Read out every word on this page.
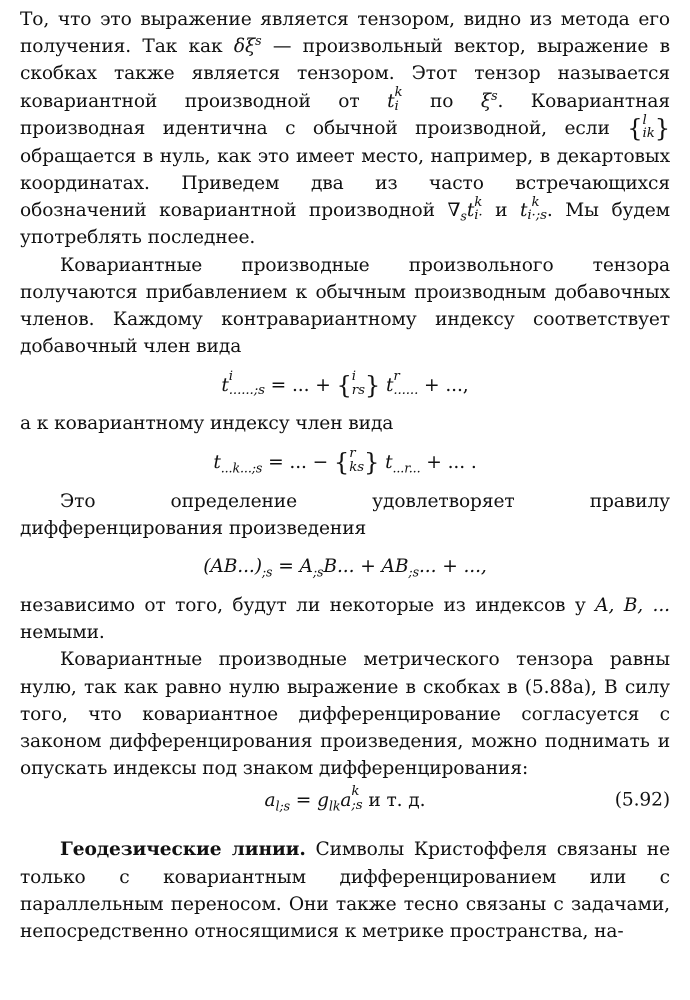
То, что это выражение является тензором, видно из метода его получения. Так как $\delta\xi^s$ — произвольный вектор, выражение в скобках также является тензором. Этот тензор называется ковариантной производной от t k
i по $\xi^s$. Ковариантная производная идентична с обычной производной, если { l
ik } обращается в нуль, как это имеет место, например, в декартовых координатах. Приведем два из часто встречающихся обозначений ковариантной производной $\nabla_st$ k
i· и t k
i·;s . Мы будем употреблять последнее.

Ковариантные производные произвольного тензора получаются прибавлением к обычным производным добавочных членов. Каждому контравариантному индексу соответствует добавочный член вида

t i
......;s = ... + { i
rs } t r
...... + ...,

а к ковариантному индексу член вида

$t_{...k...;s}$ = ... − { r
ks } $t_{...r...}$ + ... .

Это определение удовлетворяет правилу дифференцирования произведения

$(AB...)_{;s} = A_{;s}B$... + $AB_{;s}$... + ...,

независимо от того, будут ли некоторые из индексов у A, B, ... немыми.

Ковариантные производные метрического тензора равны нулю, так как равно нулю выражение в скобках в (5.88а), В силу того, что ковариантное дифференцирование согласуется с законом дифференцирования произведения, можно поднимать и опускать индексы под знаком дифференцирования:

$a_{l;s} = g_{lk}a$ k
;s и т. д.	(5.92)

Геодезические линии. Символы Кристоффеля связаны не только с ковариантным дифференцированием или с параллельным переносом. Они также тесно связаны с задачами, непосредственно относящимися к метрике пространства, на-
